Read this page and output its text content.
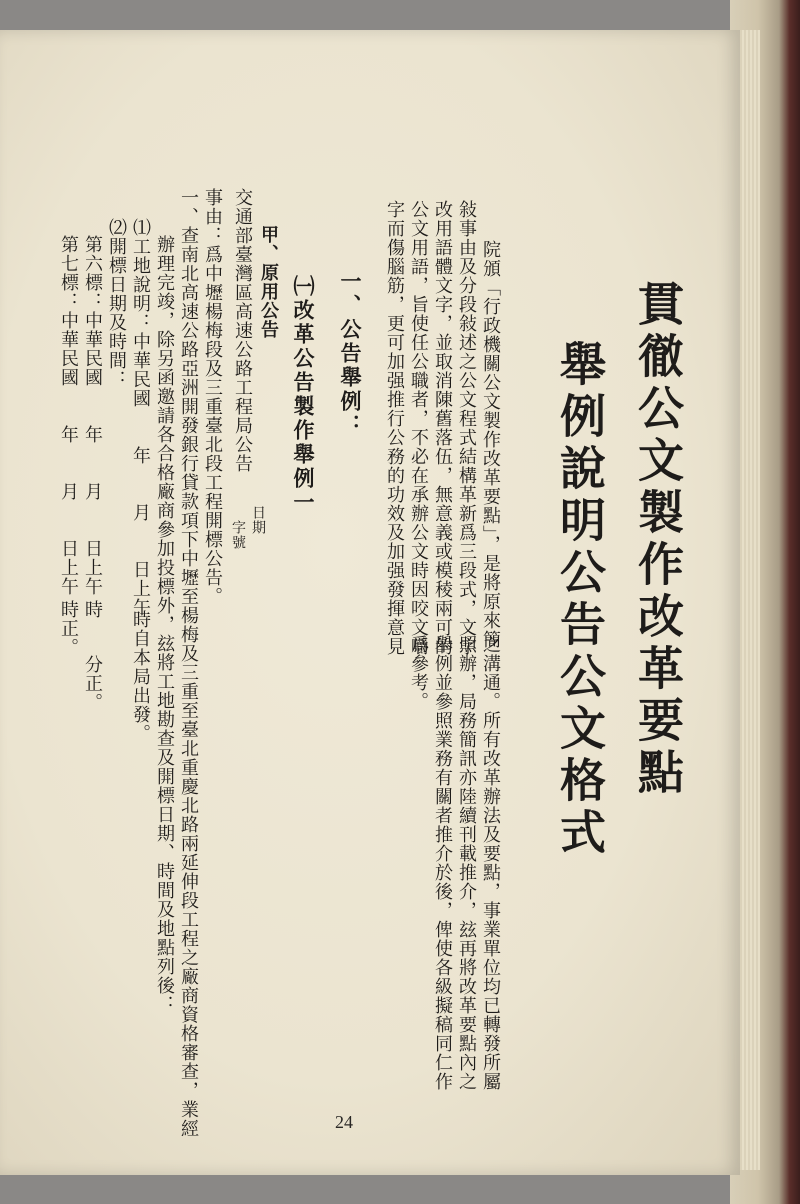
貫徹公文製作改革要點
舉例說明公告公文格式
院頒「行政機關公文製作改革要點」，是將原來簡
敍事由及分段敍述之公文程式結構革新爲三段式，文字
改用語體文字，並取消陳舊落伍，無意義或模稜兩可的
公文用語，旨使任公職者，不必在承辦公文時因咬文嚼
字而傷腦筋，更可加强推行公務的功效及加强發揮意見
之溝通。所有改革辦法及要點，事業單位均已轉發所屬
照辦，局務簡訊亦陸續刊載推介，玆再將改革要點內之
舉例並參照業務有關者推介於後，俾使各級擬稿同仁作
爲參考。
一、公告舉例：
㈠改革公告製作舉例一
甲、原用公告
交通部臺灣區高速公路工程局公告
日期
字號
事由：爲中壢楊梅段及三重臺北段工程開標公告。
一、查南北高速公路亞洲開發銀行貸款項下中壢至楊梅及三重至臺北重慶北路兩延伸段工程之廠商資格審查，業經
辦理完竣，除另函邀請各合格廠商參加投標外，玆將工地勘查及開標日期、時間及地點列後：
⑴工地說明：中華民國　　年　　月　　日上午
時自本局出發。
⑵開標日期及時間：
第六標：中華民國　　年　　月　　日上午
時
分正。
第七標：中華民國　　年　　月　　日上午
時正。
24
